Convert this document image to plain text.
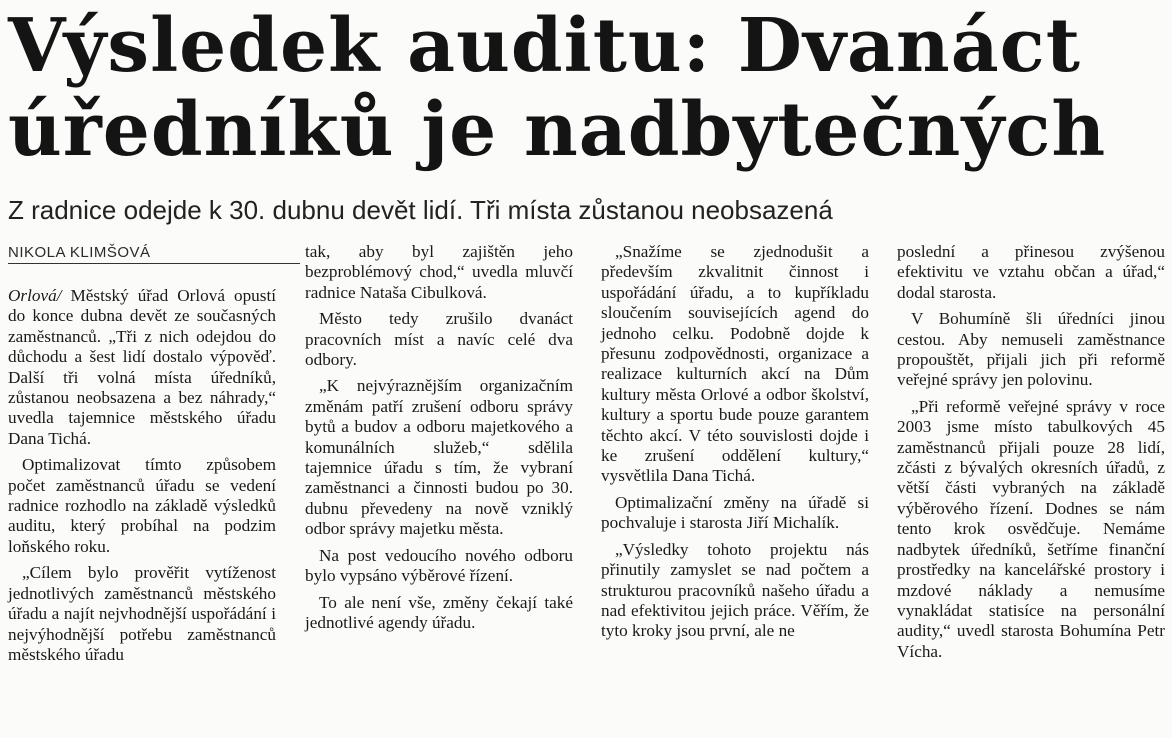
Výsledek auditu: Dvanáct
úředníků je nadbytečných
Z radnice odejde k 30. dubnu devět lidí. Tři místa zůstanou neobsazená
NIKOLA KLIMŠOVÁ

Orlová/ Městský úřad Orlová opustí do konce dubna devět ze současných zaměstnanců. „Tři z nich odejdou do důchodu a šest lidí dostalo výpověď. Další tři volná místa úředníků, zůstanou neobsazena a bez náhrady,“ uvedla tajemnice městského úřadu Dana Tichá.

Optimalizovat tímto způsobem počet zaměstnanců úřadu se vedení radnice rozhodlo na základě výsledků auditu, který probíhal na podzim loňského roku.

„Cílem bylo prověřit vytíženost jednotlivých zaměstnanců městského úřadu a najít nejvhodnější uspořádání i nejvýhodnější potřebu zaměstnanců městského úřadu

tak, aby byl zajištěn jeho bezproblémový chod,“ uvedla mluvčí radnice Nataša Cibulková.

Město tedy zrušilo dvanáct pracovních míst a navíc celé dva odbory.

„K nejvýraznějším organizačním změnám patří zrušení odboru správy bytů a budov a odboru majetkového a komunálních služeb,“ sdělila tajemnice úřadu s tím, že vybraní zaměstnanci a činnosti budou po 30. dubnu převedeny na nově vzniklý odbor správy majetku města.

Na post vedoucího nového odboru bylo vypsáno výběrové řízení.

To ale není vše, změny čekají také jednotlivé agendy úřadu.

„Snažíme se zjednodušit a především zkvalitnit činnost i uspořádání úřadu, a to kupříkladu sloučením souvisejících agend do jednoho celku. Podobně dojde k přesunu zodpovědnosti, organizace a realizace kulturních akcí na Dům kultury města Orlové a odbor školství, kultury a sportu bude pouze garantem těchto akcí. V této souvislosti dojde i ke zrušení oddělení kultury,“ vysvětlila Dana Tichá.

Optimalizační změny na úřadě si pochvaluje i starosta Jiří Michalík.

„Výsledky tohoto projektu nás přinutily zamyslet se nad počtem a strukturou pracovníků našeho úřadu a nad efektivitou jejich práce. Věřím, že tyto kroky jsou první, ale ne

poslední a přinesou zvýšenou efektivitu ve vztahu občan a úřad,“ dodal starosta.

V Bohumíně šli úředníci jinou cestou. Aby nemuseli zaměstnance propouštět, přijali jich při reformě veřejné správy jen polovinu.

„Při reformě veřejné správy v roce 2003 jsme místo tabulkových 45 zaměstnanců přijali pouze 28 lidí, zčásti z bývalých okresních úřadů, z větší části vybraných na základě výběrového řízení. Dodnes se nám tento krok osvědčuje. Nemáme nadbytek úředníků, šetříme finanční prostředky na kancelářské prostory i mzdové náklady a nemusíme vynakládat statisíce na personální audity,“ uvedl starosta Bohumína Petr Vícha.
